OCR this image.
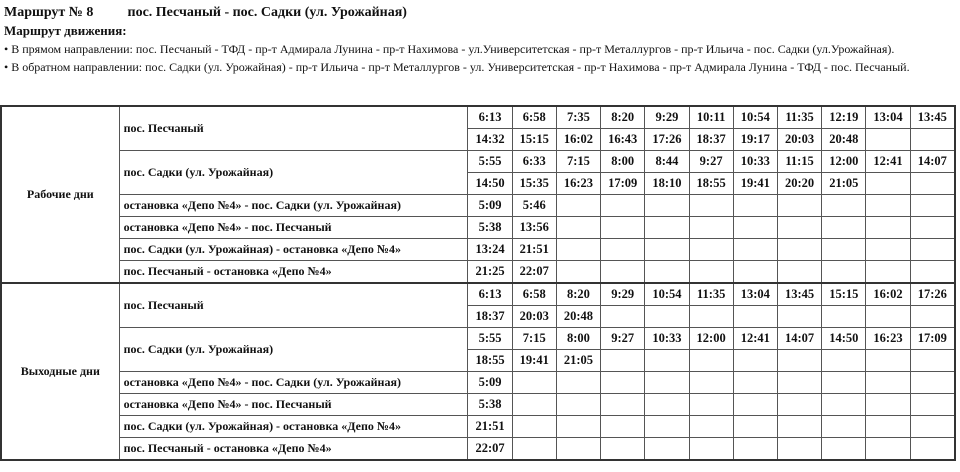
Маршрут № 8 пос. Песчаный - пос. Садки (ул. Урожайная)
Маршрут движения:
• В прямом направлении: пос. Песчаный - ТФД - пр-т Адмирала Лунина - пр-т Нахимова - ул.Университетская - пр-т Металлургов - пр-т Ильича - пос. Садки (ул.Урожайная).
• В обратном направлении: пос. Садки (ул. Урожайная) - пр-т Ильича - пр-т Металлургов - ул. Университетская - пр-т Нахимова - пр-т Адмирала Лунина - ТФД - пос. Песчаный.
Рабочие дни	пос. Песчаный	6:13	6:58	7:35	8:20	9:29	10:11	10:54	11:35	12:19	13:04	13:45
		14:32	15:15	16:02	16:43	17:26	18:37	19:17	20:03	20:48		
	пос. Садки (ул. Урожайная)	5:55	6:33	7:15	8:00	8:44	9:27	10:33	11:15	12:00	12:41	14:07
		14:50	15:35	16:23	17:09	18:10	18:55	19:41	20:20	21:05		
	остановка «Депо №4» - пос. Садки (ул. Урожайная)	5:09	5:46									
	остановка «Депо №4» - пос. Песчаный	5:38	13:56									
	пос. Садки (ул. Урожайная) - остановка «Депо №4»	13:24	21:51									
	пос. Песчаный - остановка «Депо №4»	21:25	22:07									
Выходные дни	пос. Песчаный	6:13	6:58	8:20	9:29	10:54	11:35	13:04	13:45	15:15	16:02	17:26
		18:37	20:03	20:48								
	пос. Садки (ул. Урожайная)	5:55	7:15	8:00	9:27	10:33	12:00	12:41	14:07	14:50	16:23	17:09
		18:55	19:41	21:05								
	остановка «Депо №4» - пос. Садки (ул. Урожайная)	5:09										
	остановка «Депо №4» - пос. Песчаный	5:38										
	пос. Садки (ул. Урожайная) - остановка «Депо №4»	21:51										
	пос. Песчаный - остановка «Депо №4»	22:07										
